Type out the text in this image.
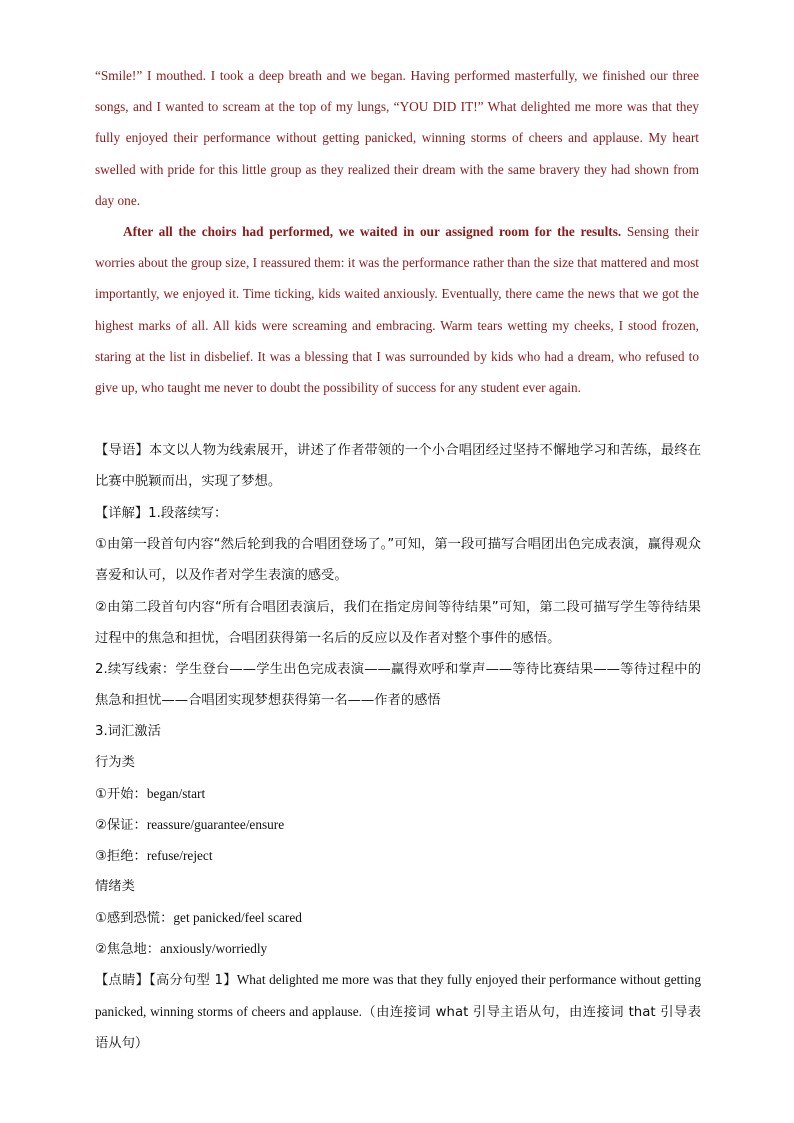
“Smile!” I mouthed. I took a deep breath and we began. Having performed masterfully, we finished our three songs, and I wanted to scream at the top of my lungs, “YOU DID IT!” What delighted me more was that they fully enjoyed their performance without getting panicked, winning storms of cheers and applause. My heart swelled with pride for this little group as they realized their dream with the same bravery they had shown from day one.

After all the choirs had performed, we waited in our assigned room for the results. Sensing their worries about the group size, I reassured them: it was the performance rather than the size that mattered and most importantly, we enjoyed it. Time ticking, kids waited anxiously. Eventually, there came the news that we got the highest marks of all. All kids were screaming and embracing. Warm tears wetting my cheeks, I stood frozen, staring at the list in disbelief. It was a blessing that I was surrounded by kids who had a dream, who refused to give up, who taught me never to doubt the possibility of success for any student ever again.

【导语】本文以人物为线索展开，讲述了作者带领的一个小合唱团经过坚持不懈地学习和苦练，最终在比赛中脱颖而出，实现了梦想。

【详解】1.段落续写：

①由第一段首句内容“然后轮到我的合唱团登场了。”可知，第一段可描写合唱团出色完成表演，赢得观众喜爱和认可，以及作者对学生表演的感受。

②由第二段首句内容“所有合唱团表演后，我们在指定房间等待结果”可知，第二段可描写学生等待结果过程中的焦急和担忧，合唱团获得第一名后的反应以及作者对整个事件的感悟。

2.续写线索：学生登台——学生出色完成表演——赢得欢呼和掌声——等待比赛结果——等待过程中的焦急和担忧——合唱团实现梦想获得第一名——作者的感悟

3.词汇激活

行为类

①开始：began/start

②保证：reassure/guarantee/ensure

③拒绝：refuse/reject

情绪类

①感到恐慌：get panicked/feel scared

②焦急地：anxiously/worriedly

【点睛】【高分句型 1】What delighted me more was that they fully enjoyed their performance without getting panicked, winning storms of cheers and applause.（由连接词 what 引导主语从句，由连接词 that 引导表语从句）
